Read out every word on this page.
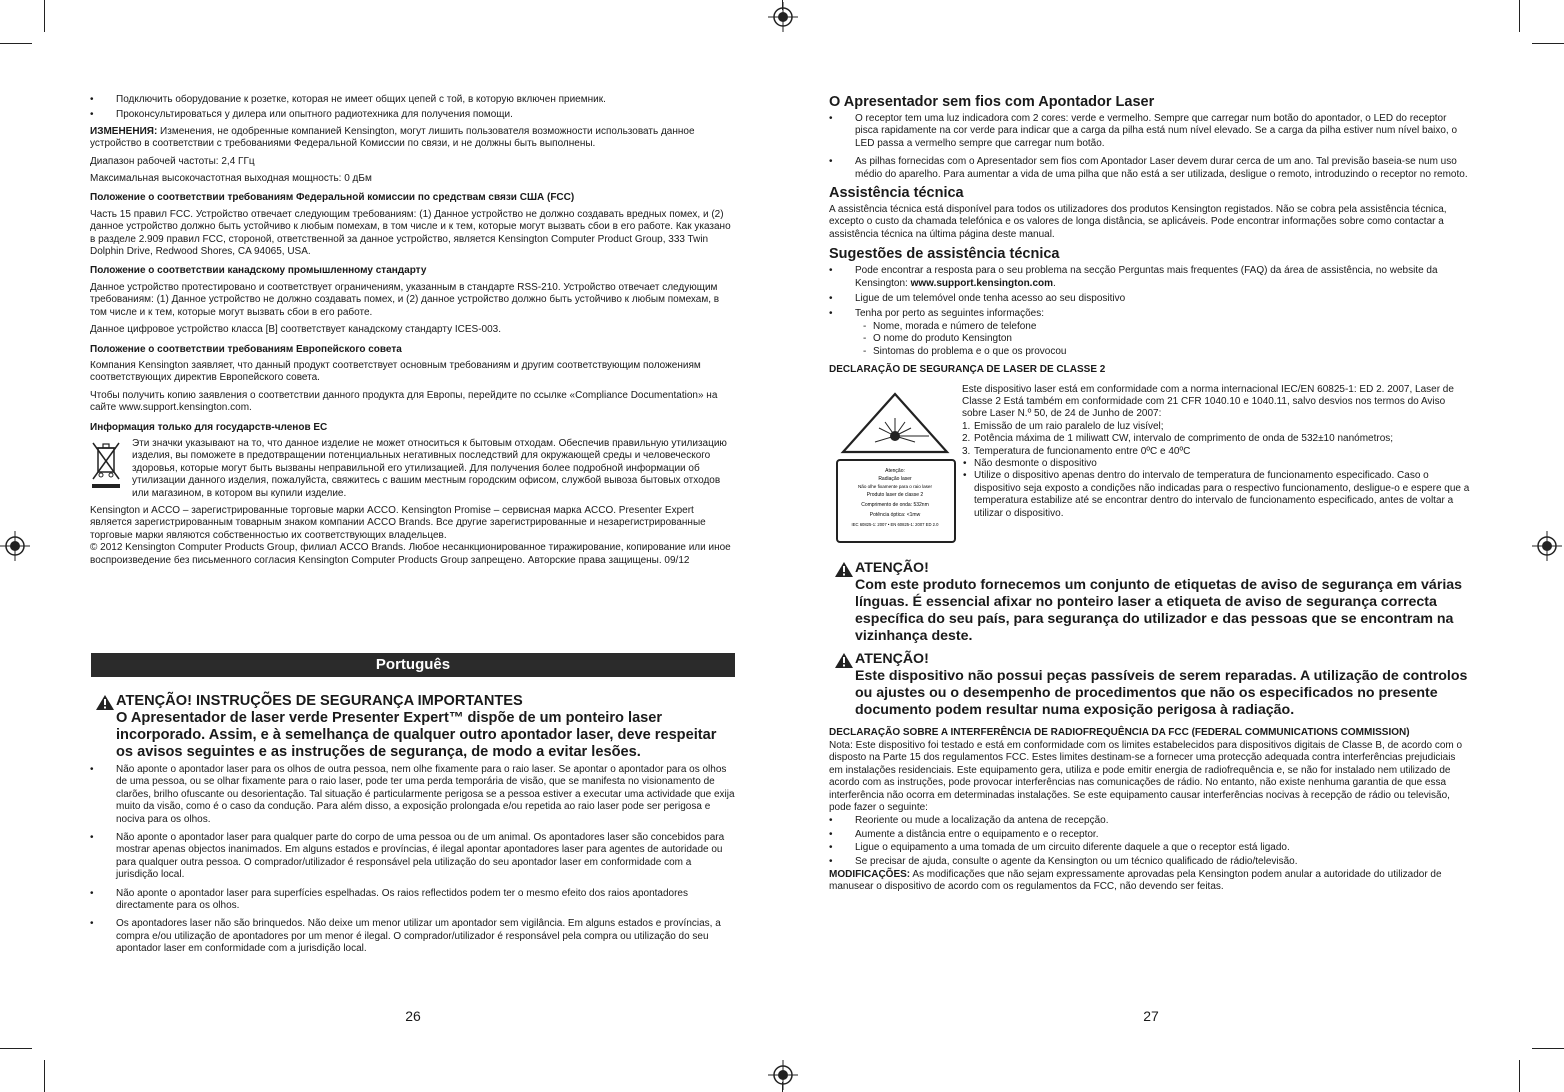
• Подключить оборудование к розетке, которая не имеет общих цепей с той, в которую включен приемник.
• Проконсультироваться у дилера или опытного радиотехника для получения помощи.

ИЗМЕНЕНИЯ: Изменения, не одобренные компанией Kensington, могут лишить пользователя возможности использовать данное устройство в соответствии с требованиями Федеральной Комиссии по связи, и не должны быть выполнены.

Диапазон рабочей частоты: 2,4 ГГц

Максимальная высокочастотная выходная мощность: 0 дБм

Положение о соответствии требованиям Федеральной комиссии по средствам связи США (FCC)

Часть 15 правил FCC. Устройство отвечает следующим требованиям: (1) Данное устройство не должно создавать вредных помех, и (2) данное устройство должно быть устойчиво к любым помехам, в том числе и к тем, которые могут вызвать сбои в его работе. Как указано в разделе 2.909 правил FCC, стороной, ответственной за данное устройство, является Kensington Computer Product Group, 333 Twin Dolphin Drive, Redwood Shores, CA 94065, USA.

Положение о соответствии канадскому промышленному стандарту

Данное устройство протестировано и соответствует ограничениям, указанным в стандарте RSS-210. Устройство отвечает следующим требованиям: (1) Данное устройство не должно создавать помех, и (2) данное устройство должно быть устойчиво к любым помехам, в том числе и к тем, которые могут вызвать сбои в его работе.

Данное цифровое устройство класса [B] соответствует канадскому стандарту ICES-003.

Положение о соответствии требованиям Европейского совета

Компания Kensington заявляет, что данный продукт соответствует основным требованиям и другим соответствующим положениям соответствующих директив Европейского совета.

Чтобы получить копию заявления о соответствии данного продукта для Европы, перейдите по ссылке «Compliance Documentation» на сайте www.support.kensington.com.

Информация только для государств-членов ЕС

Эти значки указывают на то, что данное изделие не может относиться к бытовым отходам. Обеспечив правильную утилизацию изделия, вы поможете в предотвращении потенциальных негативных последствий для окружающей среды и человеческого здоровья, которые могут быть вызваны неправильной его утилизацией. Для получения более подробной информации об утилизации данного изделия, пожалуйста, свяжитесь с вашим местным городским офисом, службой вывоза бытовых отходов или магазином, в котором вы купили изделие.

Kensington и ACCO – зарегистрированные торговые марки ACCO. Kensington Promise – сервисная марка ACCO. Presenter Expert является зарегистрированным товарным знаком компании ACCO Brands. Все другие зарегистрированные и незарегистрированные торговые марки являются собственностью их соответствующих владельцев.

© 2012 Kensington Computer Products Group, филиал ACCO Brands. Любое несанкционированное тиражирование, копирование или иное воспроизведение без письменного согласия Kensington Computer Products Group запрещено. Авторские права защищены. 09/12

Português
ATENÇÃO! INSTRUÇÕES DE SEGURANÇA IMPORTANTES
O Apresentador de laser verde Presenter Expert™ dispõe de um ponteiro laser incorporado. Assim, e à semelhança de qualquer outro apontador laser, deve respeitar os avisos seguintes e as instruções de segurança, de modo a evitar lesões.
• Não aponte o apontador laser para os olhos de outra pessoa, nem olhe fixamente para o raio laser. Se apontar o apontador para os olhos de uma pessoa, ou se olhar fixamente para o raio laser, pode ter uma perda temporária de visão, que se manifesta no visionamento de clarões, brilho ofuscante ou desorientação. Tal situação é particularmente perigosa se a pessoa estiver a executar uma actividade que exija muito da visão, como é o caso da condução. Para além disso, a exposição prolongada e/ou repetida ao raio laser pode ser perigosa e nociva para os olhos.
• Não aponte o apontador laser para qualquer parte do corpo de uma pessoa ou de um animal. Os apontadores laser são concebidos para mostrar apenas objectos inanimados. Em alguns estados e províncias, é ilegal apontar apontadores laser para agentes de autoridade ou para qualquer outra pessoa. O comprador/utilizador é responsável pela utilização do seu apontador laser em conformidade com a jurisdição local.
• Não aponte o apontador laser para superfícies espelhadas. Os raios reflectidos podem ter o mesmo efeito dos raios apontadores directamente para os olhos.
• Os apontadores laser não são brinquedos. Não deixe um menor utilizar um apontador sem vigilância. Em alguns estados e províncias, a compra e/ou utilização de apontadores por um menor é ilegal. O comprador/utilizador é responsável pela compra ou utilização do seu apontador laser em conformidade com a jurisdição local.
26
O Apresentador sem fios com Apontador Laser
• O receptor tem uma luz indicadora com 2 cores: verde e vermelho. Sempre que carregar num botão do apontador, o LED do receptor pisca rapidamente na cor verde para indicar que a carga da pilha está num nível elevado. Se a carga da pilha estiver num nível baixo, o LED passa a vermelho sempre que carregar num botão.
• As pilhas fornecidas com o Apresentador sem fios com Apontador Laser devem durar cerca de um ano. Tal previsão baseia-se num uso médio do aparelho. Para aumentar a vida de uma pilha que não está a ser utilizada, desligue o remoto, introduzindo o receptor no remoto.
Assistência técnica

A assistência técnica está disponível para todos os utilizadores dos produtos Kensington registados. Não se cobra pela assistência técnica, excepto o custo da chamada telefónica e os valores de longa distância, se aplicáveis. Pode encontrar informações sobre como contactar a assistência técnica na última página deste manual.

Sugestões de assistência técnica
• Pode encontrar a resposta para o seu problema na secção Perguntas mais frequentes (FAQ) da área de assistência, no website da Kensington: www.support.kensington.com.
• Ligue de um telemóvel onde tenha acesso ao seu dispositivo
• Tenha por perto as seguintes informações:
- Nome, morada e número de telefone
- O nome do produto Kensington
- Sintomas do problema e o que os provocou

DECLARAÇÃO DE SEGURANÇA DE LASER DE CLASSE 2

Atenção:
Radiação laser
Não olhe fixamente para o raio laser
Produto laser de classe 2
Comprimento de onda: 532nm
Potência óptica: <1mw
IEC 60825-1: 2007 • EN 60825-1: 2007 ED 2.0

Este dispositivo laser está em conformidade com a norma internacional IEC/EN 60825-1: ED 2. 2007, Laser de Classe 2 Está também em conformidade com 21 CFR 1040.10 e 1040.11, salvo desvios nos termos do Aviso sobre Laser N.º 50, de 24 de Junho de 2007:

1. Emissão de um raio paralelo de luz visível;
2. Potência máxima de 1 miliwatt CW, intervalo de comprimento de onda de 532±10 nanómetros;
3. Temperatura de funcionamento entre 0ºC e 40ºC
• Não desmonte o dispositivo
• Utilize o dispositivo apenas dentro do intervalo de temperatura de funcionamento especificado. Caso o dispositivo seja exposto a condições não indicadas para o respectivo funcionamento, desligue-o e espere que a temperatura estabilize até se encontrar dentro do intervalo de funcionamento especificado, antes de voltar a utilizar o dispositivo.
ATENÇÃO!
Com este produto fornecemos um conjunto de etiquetas de aviso de segurança em várias línguas. É essencial afixar no ponteiro laser a etiqueta de aviso de segurança correcta específica do seu país, para segurança do utilizador e das pessoas que se encontram na vizinhança deste.
ATENÇÃO!
Este dispositivo não possui peças passíveis de serem reparadas. A utilização de controlos ou ajustes ou o desempenho de procedimentos que não os especificados no presente documento podem resultar numa exposição perigosa à radiação.

DECLARAÇÃO SOBRE A INTERFERÊNCIA DE RADIOFREQUÊNCIA DA FCC (FEDERAL COMMUNICATIONS COMMISSION)

Nota: Este dispositivo foi testado e está em conformidade com os limites estabelecidos para dispositivos digitais de Classe B, de acordo com o disposto na Parte 15 dos regulamentos FCC. Estes limites destinam-se a fornecer uma protecção adequada contra interferências prejudiciais em instalações residenciais. Este equipamento gera, utiliza e pode emitir energia de radiofrequência e, se não for instalado nem utilizado de acordo com as instruções, pode provocar interferências nas comunicações de rádio. No entanto, não existe nenhuma garantia de que essa interferência não ocorra em determinadas instalações. Se este equipamento causar interferências nocivas à recepção de rádio ou televisão, pode fazer o seguinte:

• Reoriente ou mude a localização da antena de recepção.
• Aumente a distância entre o equipamento e o receptor.
• Ligue o equipamento a uma tomada de um circuito diferente daquele a que o receptor está ligado.
• Se precisar de ajuda, consulte o agente da Kensington ou um técnico qualificado de rádio/televisão.

MODIFICAÇÕES: As modificações que não sejam expressamente aprovadas pela Kensington podem anular a autoridade do utilizador de manusear o dispositivo de acordo com os regulamentos da FCC, não devendo ser feitas.

27
